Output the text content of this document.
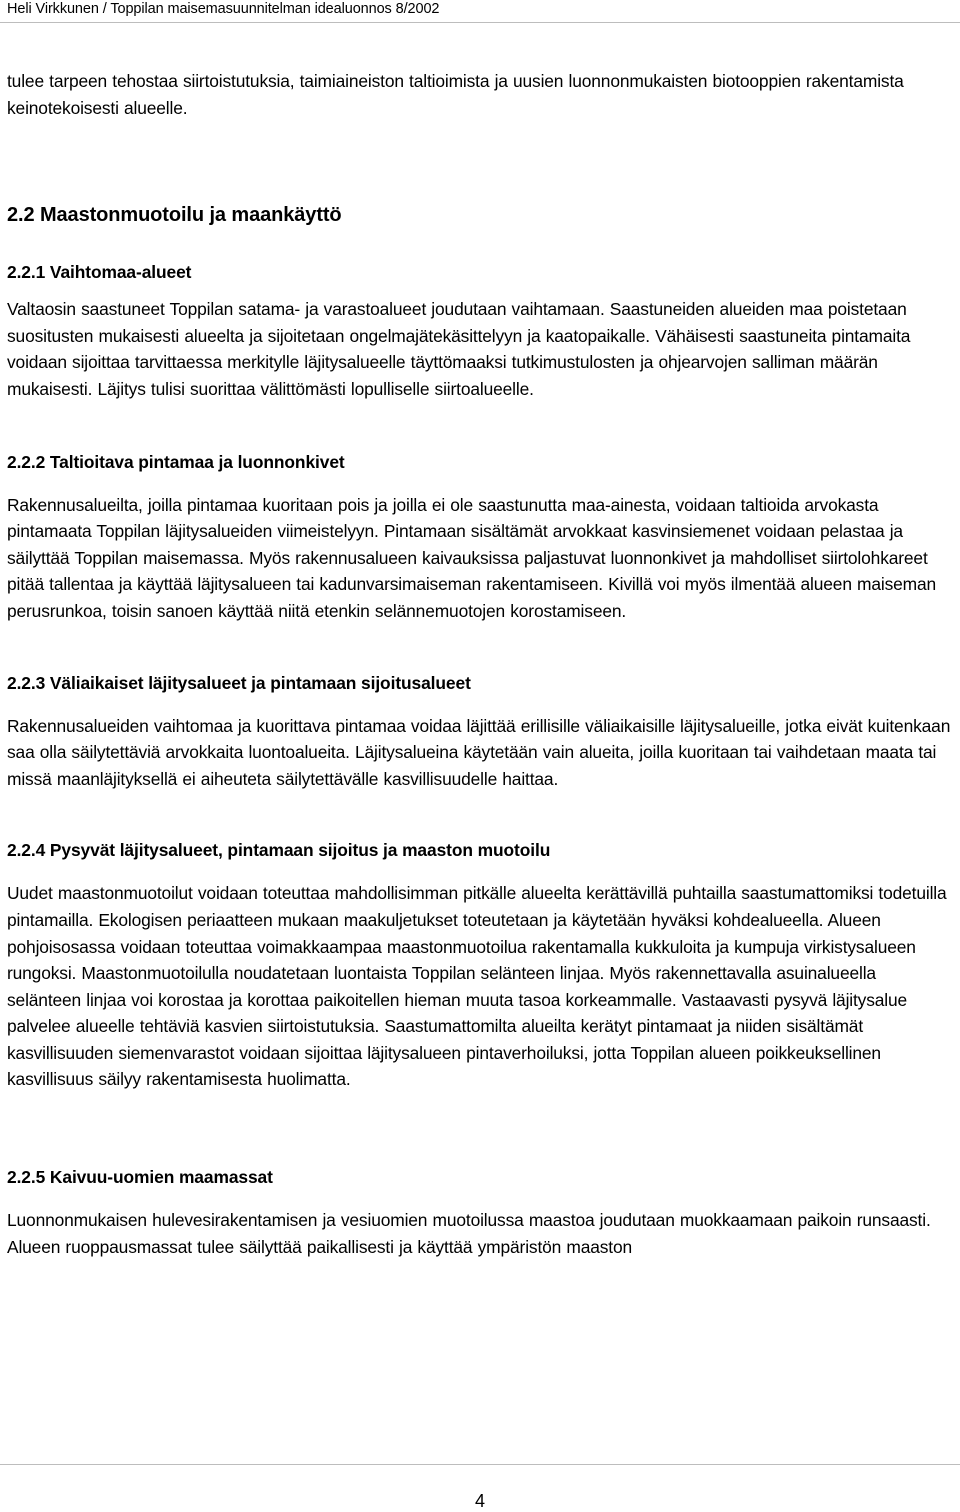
Heli Virkkunen / Toppilan maisemasuunnitelman idealuonnos 8/2002

tulee tarpeen tehostaa siirtoistutuksia, taimiaineiston taltioimista ja uusien luonnonmukaisten biotooppien rakentamista keinotekoisesti alueelle.

2.2 Maastonmuotoilu ja maankäyttö
2.2.1 Vaihtomaa-alueet

Valtaosin saastuneet Toppilan satama- ja varastoalueet joudutaan vaihtamaan. Saastuneiden alueiden maa poistetaan suositusten mukaisesti alueelta ja sijoitetaan ongelmajätekäsittelyyn ja kaatopaikalle. Vähäisesti saastuneita pintamaita voidaan sijoittaa tarvittaessa merkitylle läjitysalueelle täyttömaaksi tutkimustulosten ja ohjearvojen salliman määrän mukaisesti. Läjitys tulisi suorittaa välittömästi lopulliselle siirtoalueelle.

2.2.2 Taltioitava pintamaa ja luonnonkivet

Rakennusalueilta, joilla pintamaa kuoritaan pois ja joilla ei ole saastunutta maa-ainesta, voidaan taltioida arvokasta pintamaata Toppilan läjitysalueiden viimeistelyyn. Pintamaan sisältämät arvokkaat kasvinsiemenet voidaan pelastaa ja säilyttää Toppilan maisemassa. Myös rakennusalueen kaivauksissa paljastuvat luonnonkivet ja mahdolliset siirtolohkareet pitää tallentaa ja käyttää läjitysalueen tai kadunvarsimaiseman rakentamiseen. Kivillä voi myös ilmentää alueen maiseman perusrunkoa, toisin sanoen käyttää niitä etenkin selännemuotojen korostamiseen.

2.2.3 Väliaikaiset läjitysalueet ja pintamaan sijoitusalueet

Rakennusalueiden vaihtomaa ja kuorittava pintamaa voidaa läjittää erillisille väliaikaisille läjitysalueille, jotka eivät kuitenkaan saa olla säilytettäviä arvokkaita luontoalueita. Läjitysalueina käytetään vain alueita, joilla kuoritaan tai vaihdetaan maata tai missä maanläjityksellä ei aiheuteta säilytettävälle kasvillisuudelle haittaa.

2.2.4 Pysyvät läjitysalueet, pintamaan sijoitus ja maaston muotoilu

Uudet maastonmuotoilut voidaan toteuttaa mahdollisimman pitkälle alueelta kerättävillä puhtailla saastumattomiksi todetuilla pintamailla. Ekologisen periaatteen mukaan maakuljetukset toteutetaan ja käytetään hyväksi kohdealueella. Alueen pohjoisosassa voidaan toteuttaa voimakkaampaa maastonmuotoilua rakentamalla kukkuloita ja kumpuja virkistysalueen rungoksi. Maastonmuotoilulla noudatetaan luontaista Toppilan selänteen linjaa. Myös rakennettavalla asuinalueella selänteen linjaa voi korostaa ja korottaa paikoitellen hieman muuta tasoa korkeammalle. Vastaavasti pysyvä läjitysalue palvelee alueelle tehtäviä kasvien siirtoistutuksia. Saastumattomilta alueilta kerätyt pintamaat ja niiden sisältämät kasvillisuuden siemenvarastot voidaan sijoittaa läjitysalueen pintaverhoiluksi, jotta Toppilan alueen poikkeuksellinen kasvillisuus säilyy rakentamisesta huolimatta.

2.2.5 Kaivuu-uomien maamassat

Luonnonmukaisen hulevesirakentamisen ja vesiuomien muotoilussa maastoa joudutaan muokkaamaan paikoin runsaasti. Alueen ruoppausmassat tulee säilyttää paikallisesti ja käyttää ympäristön maaston

4
